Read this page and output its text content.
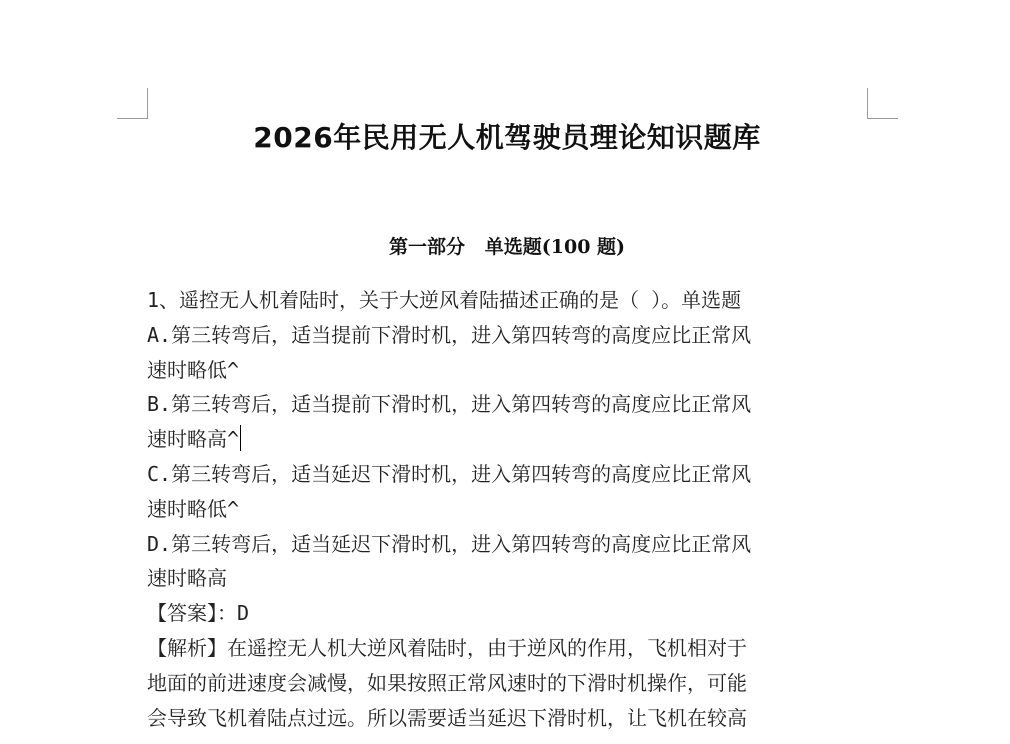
2026年民用无人机驾驶员理论知识题库
第一部分   单选题(100 题)
1、遥控无人机着陆时，关于大逆风着陆描述正确的是（ ）。单选题
A.第三转弯后，适当提前下滑时机，进入第四转弯的高度应比正常风
速时略低^
B.第三转弯后，适当提前下滑时机，进入第四转弯的高度应比正常风
速时略高^
C.第三转弯后，适当延迟下滑时机，进入第四转弯的高度应比正常风
速时略低^
D.第三转弯后，适当延迟下滑时机，进入第四转弯的高度应比正常风
速时略高
【答案】：D
【解析】在遥控无人机大逆风着陆时，由于逆风的作用，飞机相对于
地面的前进速度会减慢，如果按照正常风速时的下滑时机操作，可能
会导致飞机着陆点过远。所以需要适当延迟下滑时机，让飞机在较高
